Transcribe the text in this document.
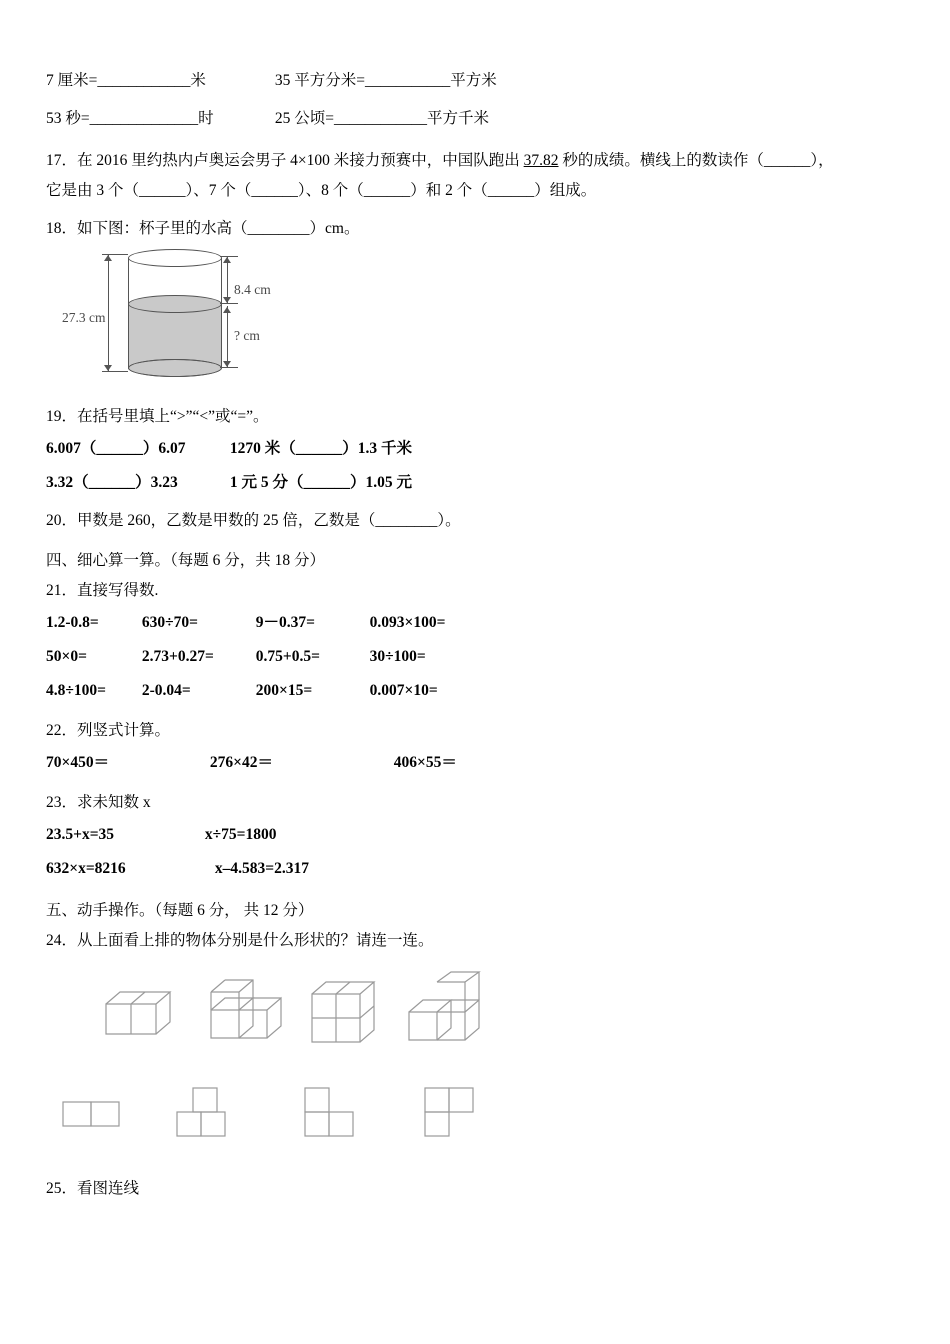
7 厘米=____________米	35 平方分米=___________平方米
53 秒=______________时	25 公顷=____________平方千米
17．在 2016 里约热内卢奥运会男子 4×100 米接力预赛中，中国队跑出 37.82 秒的成绩。横线上的数读作（______），
它是由 3 个（______）、7 个（______）、8 个（______）和 2 个（______）组成。
18．如下图：杯子里的水高（________）cm。
27.3 cm
8.4 cm
? cm
19．在括号里填上“>”“<”或“=”。
6.007（______）6.07	1270 米（______）1.3 千米
3.32（______）3.23	1 元 5 分（______）1.05 元
20．甲数是 260，乙数是甲数的 25 倍，乙数是（________）。
四、细心算一算。（每题 6 分，共 18 分）
21．直接写得数.
1.2-0.8=	630÷70=	9－0.37=	0.093×100=
50×0=	2.73+0.27=	0.75+0.5=	30÷100=
4.8÷100= 2-0.04=	200×15=	0.007×10=
22．列竖式计算。
70×450＝	276×42＝	406×55＝
23．求未知数 x
23.5+x=35	x÷75=1800
632×x=8216	x–4.583=2.317
五、动手操作。（每题 6 分， 共 12 分）
24．从上面看上排的物体分别是什么形状的？请连一连。
25．看图连线
